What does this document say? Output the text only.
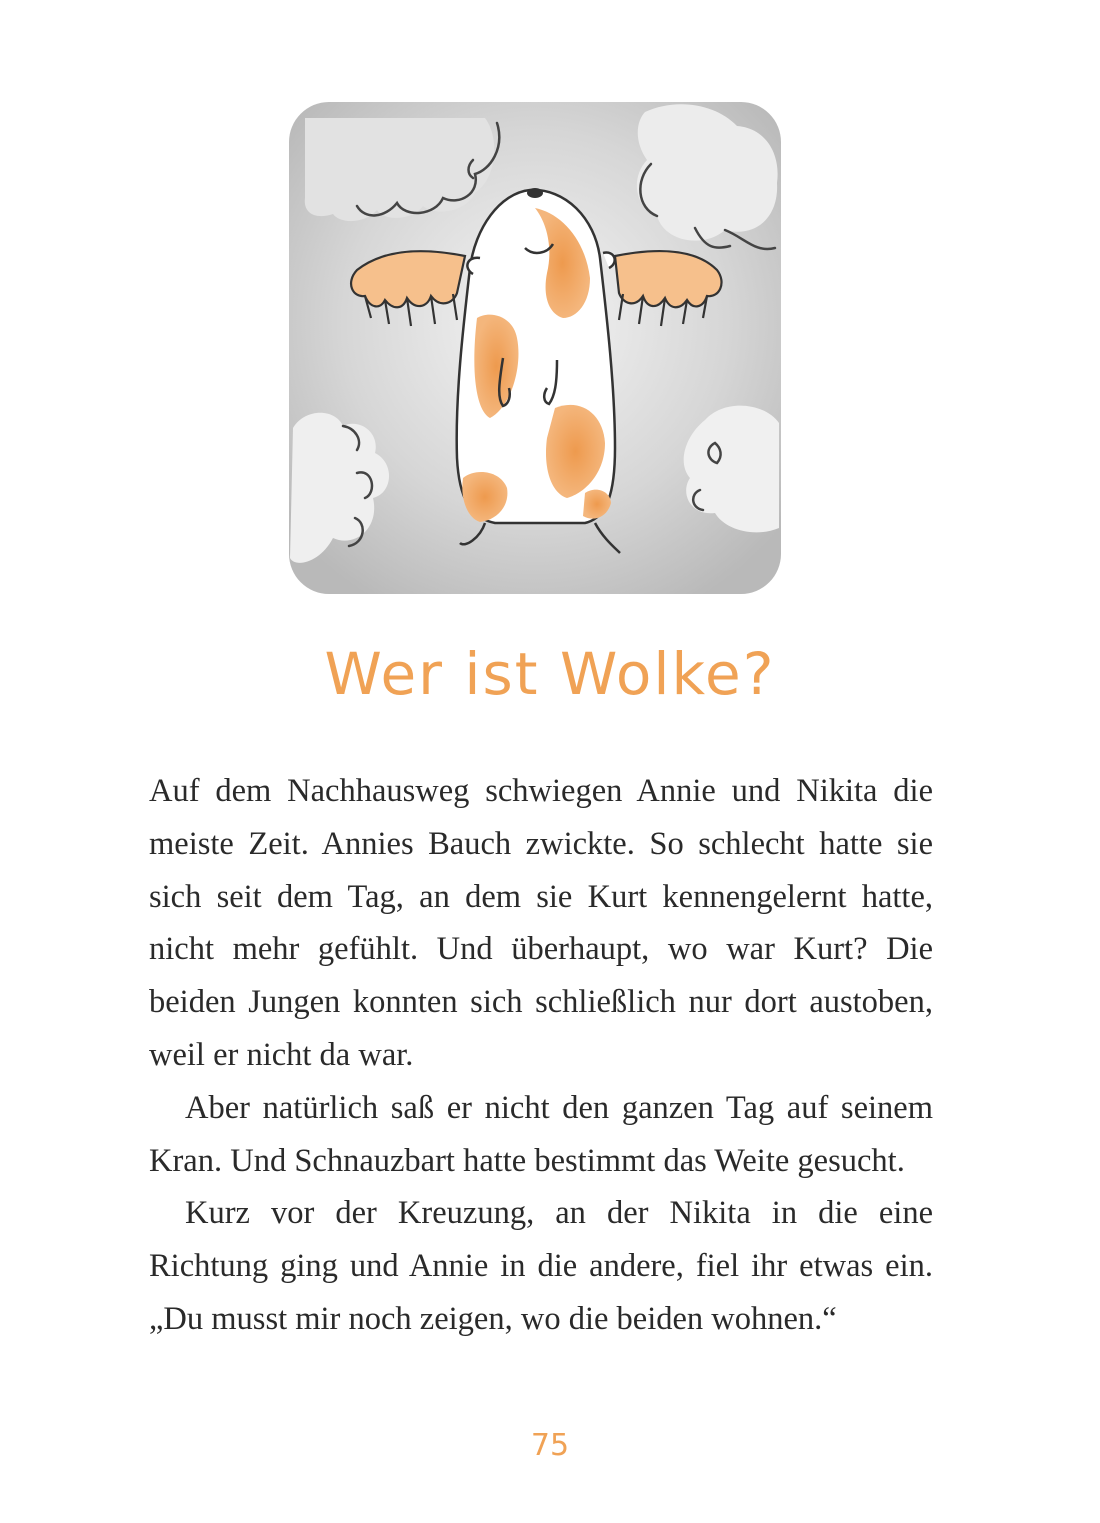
Wer ist Wolke?

Auf dem Nachhausweg schwiegen Annie und Nikita die meiste Zeit. Annies Bauch zwickte. So schlecht hatte sie sich seit dem Tag, an dem sie Kurt kennengelernt hatte, nicht mehr gefühlt. Und überhaupt, wo war Kurt? Die beiden Jungen konnten sich schließlich nur dort austoben, weil er nicht da war.

Aber natürlich saß er nicht den ganzen Tag auf seinem Kran. Und Schnauzbart hatte bestimmt das Weite gesucht.

Kurz vor der Kreuzung, an der Nikita in die eine Richtung ging und Annie in die andere, fiel ihr etwas ein. „Du musst mir noch zeigen, wo die beiden wohnen.“

75
